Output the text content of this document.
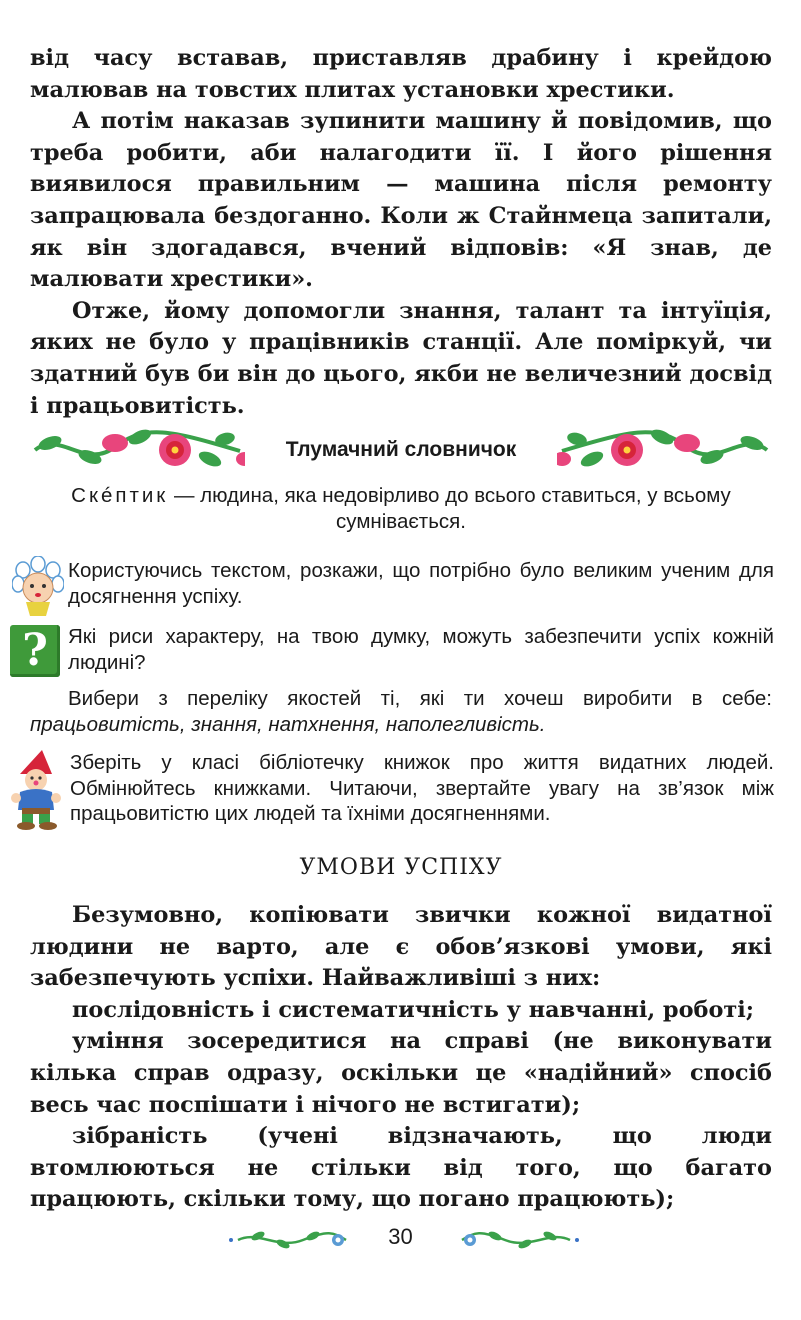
від часу вставав, приставляв драбину і крейдою малював на товстих плитах установки хрестики.

А потім наказав зупинити машину й повідомив, що треба робити, аби налагодити її. І його рішення виявилося правильним — машина після ремонту запрацювала бездоганно. Коли ж Стайнмеца запитали, як він здогадався, вчений відповів: «Я знав, де малювати хрестики».

Отже, йому допомогли знання, талант та інтуїція, яких не було у працівників станції. Але поміркуй, чи здатний був би він до цього, якби не величезний досвід і працьовитість.

Тлумачний словничок
Скéптик — людина, яка недовірливо до всього ставиться, у всьому сумнівається.

Користуючись текстом, розкажи, що потрібно було великим ученим для досягнення успіху.

? Які риси характеру, на твою думку, можуть забезпечити успіх кожній людині?

Вибери з переліку якостей ті, які ти хочеш виробити в себе: працьовитість, знання, натхнення, наполегливість.

Зберіть у класі бібліотечку книжок про життя видатних людей. Обмінюйтесь книжками. Читаючи, звертайте увагу на зв’язок між працьовитістю цих людей та їхніми досягненнями.

УМОВИ УСПІХУ

Безумовно, копіювати звички кожної видатної людини не варто, але є обов’язкові умови, які забезпечують успіхи. Найважливіші з них:

послідовність і систематичність у навчанні, роботі;

уміння зосередитися на справі (не виконувати кілька справ одразу, оскільки це «надійний» спосіб весь час поспішати і нічого не встигати);

зібраність (учені відзначають, що люди втомлюються не стільки від того, що багато працюють, скільки тому, що погано працюють);

30
